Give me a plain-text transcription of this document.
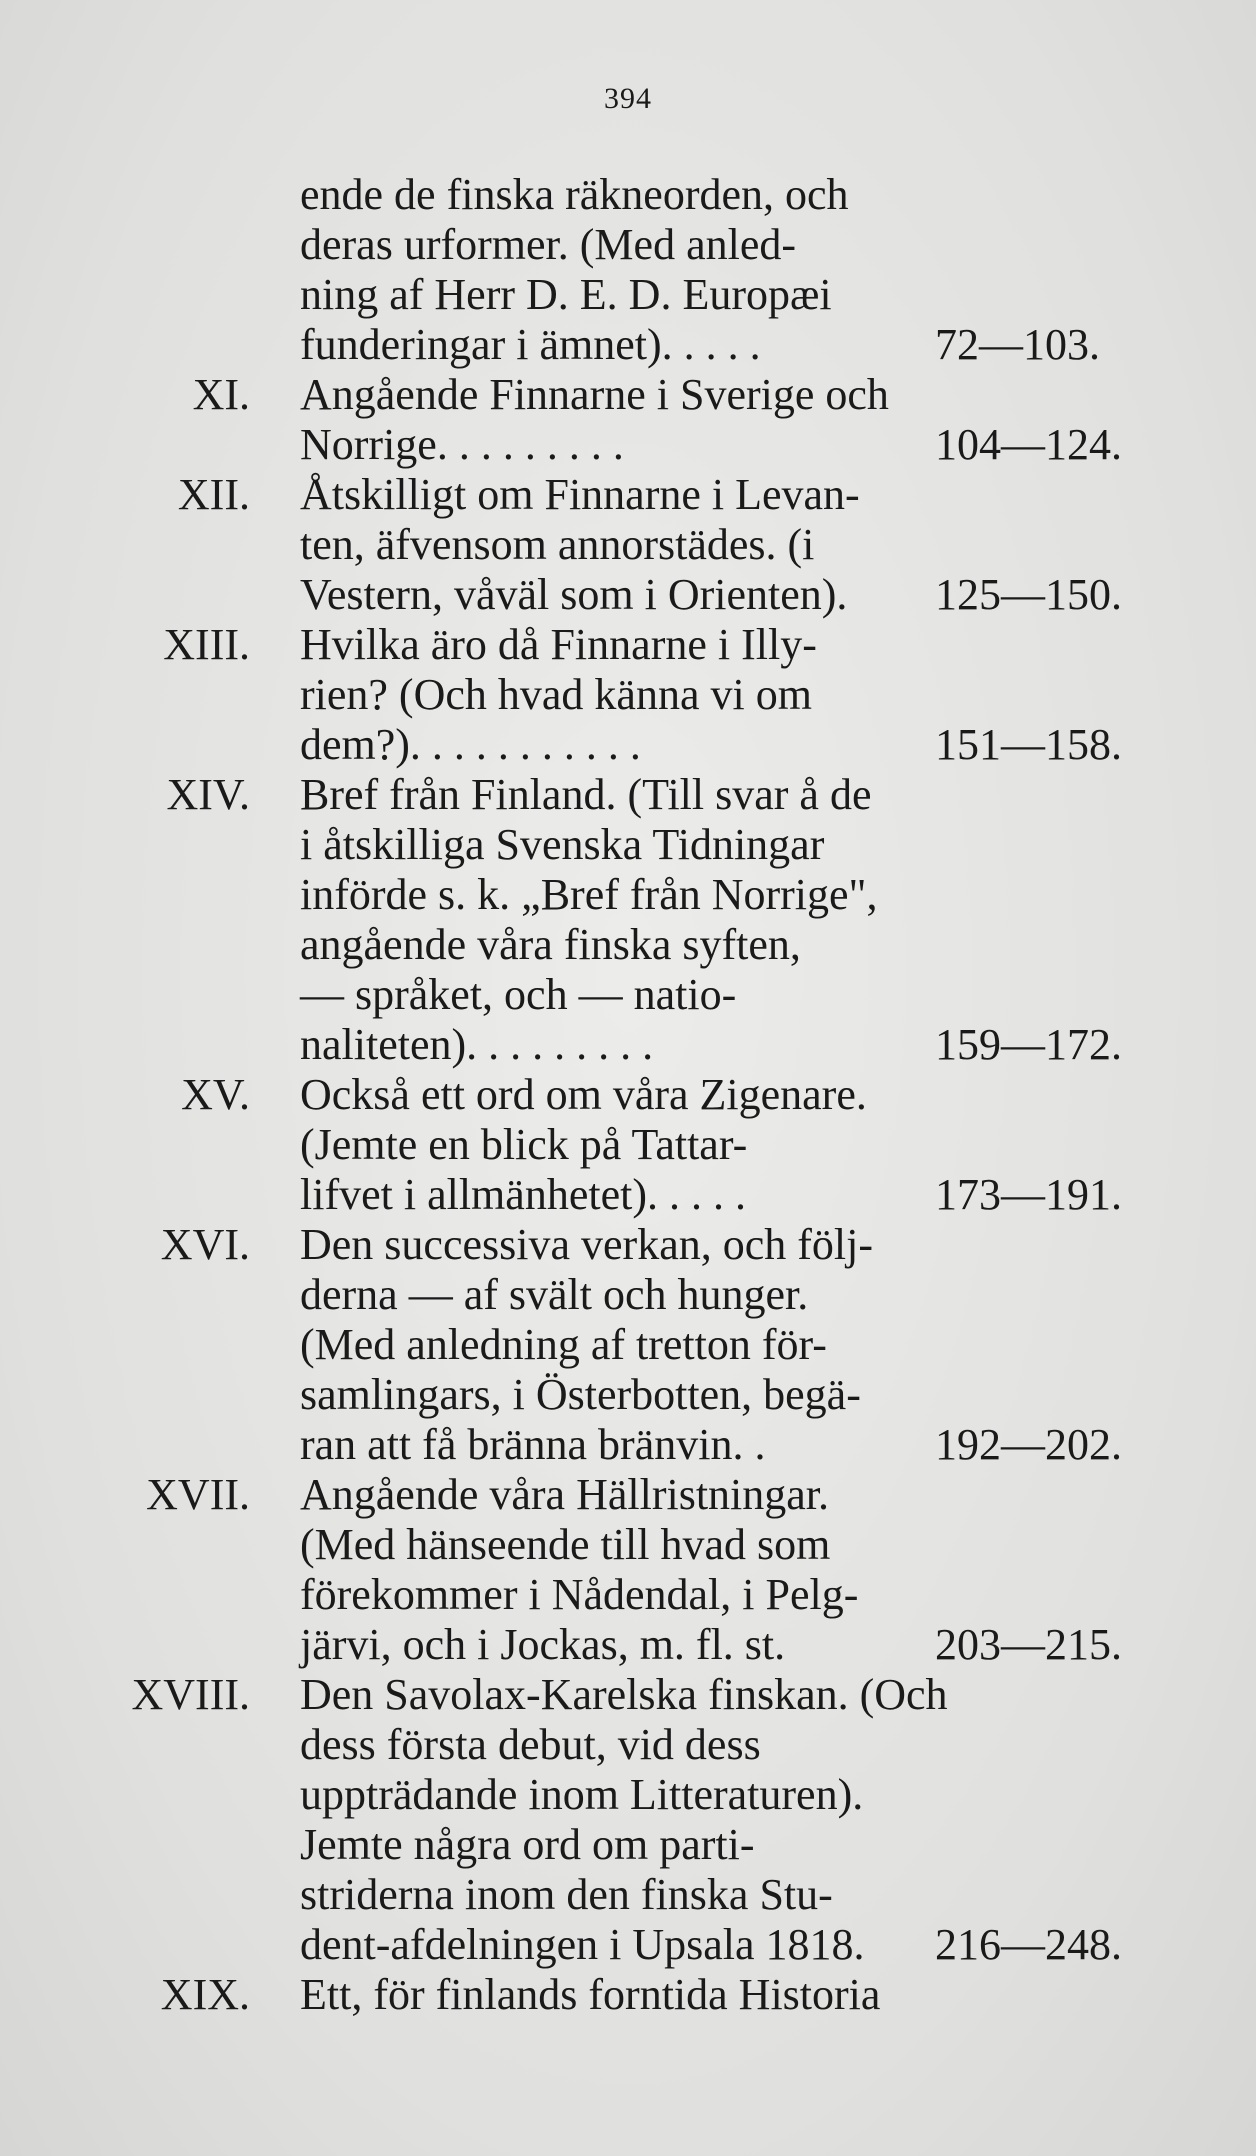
394
ende de finska räkneorden, och
deras urformer. (Med anled-
ning af Herr D. E. D. Europæi
funderingar i ämnet). . . . .	72—103.
XI. Angående Finnarne i Sverige och
Norrige. . . . . . . . .	104—124.
XII. Åtskilligt om Finnarne i Levan-
ten, äfvensom annorstädes. (i
Vestern, våväl som i Orienten). 125—150.
XIII. Hvilka äro då Finnarne i Illy-
rien? (Och hvad känna vi om
dem?). . . . . . . . . . .	151—158.
XIV. Bref från Finland. (Till svar å de
i åtskilliga Svenska Tidningar
införde s. k. „Bref från Norrige",
angående våra finska syften,
— språket, och — natio-
naliteten). . . . . . . . .	159—172.
XV. Också ett ord om våra Zigenare.
(Jemte en blick på Tattar-
lifvet i allmänhetet). . . . .	173—191.
XVI. Den successiva verkan, och följ-
derna — af svält och hunger.
(Med anledning af tretton för-
samlingars, i Österbotten, begä-
ran att få bränna bränvin. .	192—202.
XVII. Angående våra Hällristningar.
(Med hänseende till hvad som
förekommer i Nådendal, i Pelg-
järvi, och i Jockas, m. fl. st.	203—215.
XVIII. Den Savolax-Karelska finskan. (Och
dess första debut, vid dess
uppträdande inom Litteraturen).
Jemte några ord om parti-
striderna inom den finska Stu-
dent-afdelningen i Upsala 1818. 216—248.
XIX. Ett, för finlands forntida Historia
